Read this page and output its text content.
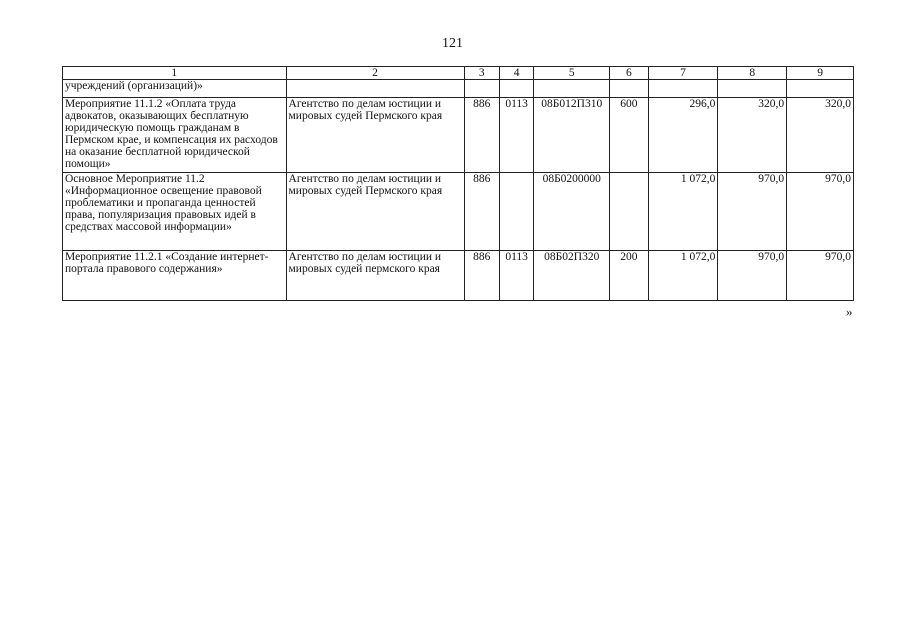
121
1	2	3	4	5	6	7	8	9
учреждений (организаций)»								
Мероприятие 11.1.2 «Оплата труда адвокатов, оказывающих бесплатную юридическую помощь гражданам в Пермском крае, и компенсация их расходов на оказание бесплатной юридической помощи»	Агентство по делам юстиции и мировых судей Пермского края	886	0113	08Б012П310	600	296,0	320,0	320,0
Основное Мероприятие 11.2 «Информационное освещение правовой проблематики и пропаганда ценностей права, популяризация правовых идей в средствах массовой информации»	Агентство по делам юстиции и мировых судей Пермского края	886		08Б0200000		1 072,0	970,0	970,0
Мероприятие 11.2.1 «Создание интернет-портала правового содержания»	Агентство по делам юстиции и мировых судей пермского края	886	0113	08Б02П320	200	1 072,0	970,0	970,0
»
